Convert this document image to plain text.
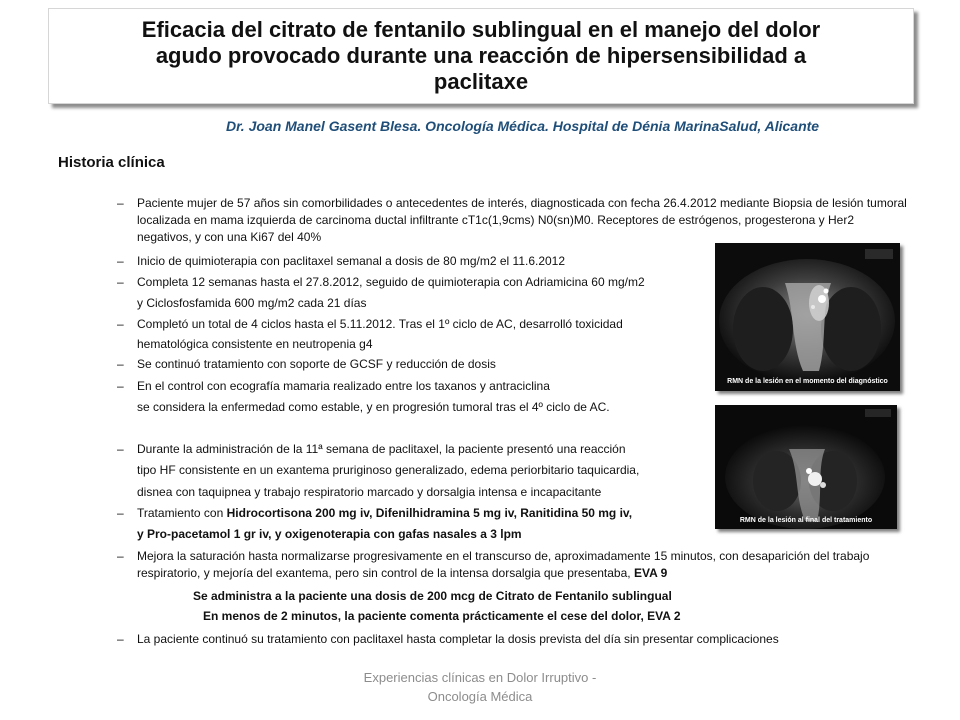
Eficacia del citrato de fentanilo sublingual en el manejo del dolor
agudo provocado durante una reacción de hipersensibilidad a
paclitaxe
Dr. Joan Manel Gasent Blesa. Oncología Médica. Hospital de Dénia MarinaSalud, Alicante
Historia clínica
–
–
–
–
–
–
–
–
–
–
Paciente mujer de 57 años sin comorbilidades o antecedentes de interés, diagnosticada con fecha 26.4.2012 mediante Biopsia de lesión tumoral localizada en mama izquierda de carcinoma ductal infiltrante cT1c(1,9cms) N0(sn)M0. Receptores de estrógenos, progesterona y Her2 negativos, y con una Ki67 del 40%
Inicio de quimioterapia con paclitaxel semanal a dosis de 80 mg/m2 el 11.6.2012
Completa 12 semanas hasta el 27.8.2012, seguido de quimioterapia con Adriamicina 60 mg/m2
y Ciclosfosfamida 600 mg/m2 cada 21 días
Completó un total de 4 ciclos hasta el 5.11.2012. Tras el 1º ciclo de AC, desarrolló toxicidad
hematológica consistente en neutropenia g4
Se continuó tratamiento con soporte de GCSF y reducción de dosis
En el control con ecografía mamaria realizado entre los taxanos y antraciclina
se considera la enfermedad como estable, y en progresión tumoral tras el 4º ciclo de AC.
Durante la administración de la 11ª semana de paclitaxel, la paciente presentó una reacción
tipo HF consistente en un exantema pruriginoso generalizado, edema periorbitario taquicardia,
disnea con taquipnea y trabajo respiratorio marcado y dorsalgia intensa e incapacitante
Tratamiento con Hidrocortisona 200 mg iv, Difenilhidramina 5 mg iv, Ranitidina 50 mg iv,
y Pro-pacetamol 1 gr iv, y oxigenoterapia con gafas nasales a 3 lpm
Mejora la saturación hasta normalizarse progresivamente en el transcurso de, aproximadamente 15 minutos, con desaparición del trabajo respiratorio, y mejoría del exantema, pero sin control de la intensa dorsalgia que presentaba, EVA 9
Se administra a la paciente una dosis de 200 mcg de Citrato de Fentanilo sublingual
En menos de 2 minutos, la paciente comenta prácticamente el cese del dolor, EVA 2
La paciente continuó su tratamiento con paclitaxel hasta completar la dosis prevista del día sin presentar complicaciones
RMN de la lesión en el momento del diagnóstico
RMN de la lesión al final del tratamiento
Experiencias clínicas en Dolor Irruptivo -
Oncología Médica
